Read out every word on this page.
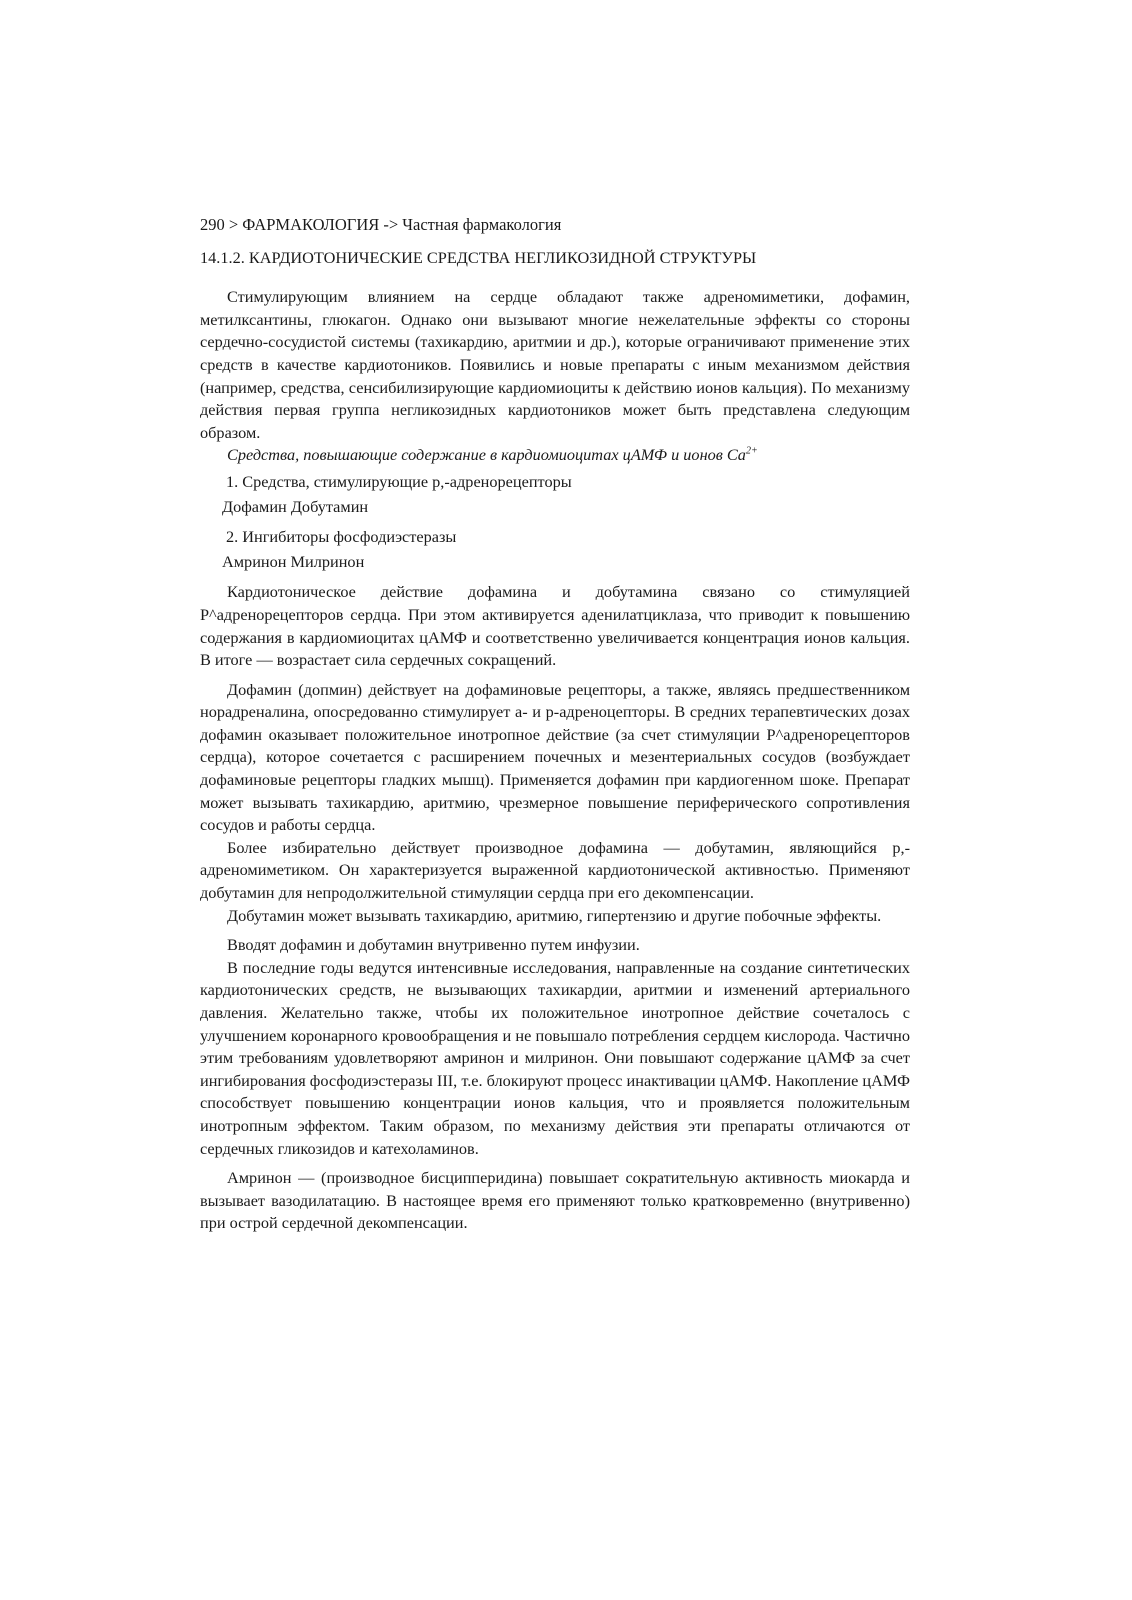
290 > ФАРМАКОЛОГИЯ -> Частная фармакология

14.1.2. КАРДИОТОНИЧЕСКИЕ СРЕДСТВА НЕГЛИКОЗИДНОЙ СТРУКТУРЫ

Стимулирующим влиянием на сердце обладают также адреномиметики, дофамин, метилксантины, глюкагон. Однако они вызывают многие нежелательные эффекты со стороны сердечно-сосудистой системы (тахикардию, аритмии и др.), которые ограничивают применение этих средств в качестве кардиотоников. Появились и новые препараты с иным механизмом действия (например, средства, сенсибилизирующие кардиомиоциты к действию ионов кальция). По механизму действия первая группа негликозидных кардиотоников может быть представлена следующим образом.

Средства, повышающие содержание в кардиомиоцитах цАМФ и ионов $Ca^{2+}$

1. Средства, стимулирующие р,-адренорецепторы

Дофамин Добутамин

2. Ингибиторы фосфодиэстеразы

Амринон Милринон

Кардиотоническое действие дофамина и добутамина связано со стимуляцией Р^адренорецепторов сердца. При этом активируется аденилатциклаза, что приводит к повышению содержания в кардиомиоцитах цАМФ и соответственно увеличивается концентрация ионов кальция. В итоге — возрастает сила сердечных сокращений.

Дофамин (допмин) действует на дофаминовые рецепторы, а также, являясь предшественником норадреналина, опосредованно стимулирует а- и р-адреноцепторы. В средних терапевтических дозах дофамин оказывает положительное инотропное действие (за счет стимуляции Р^адренорецепторов сердца), которое сочетается с расширением почечных и мезентериальных сосудов (возбуждает дофаминовые рецепторы гладких мышц). Применяется дофамин при кардиогенном шоке. Препарат может вызывать тахикардию, аритмию, чрезмерное повышение периферического сопротивления сосудов и работы сердца.

Более избирательно действует производное дофамина — добутамин, являющийся р,-адреномиметиком. Он характеризуется выраженной кардиотонической активностью. Применяют добутамин для непродолжительной стимуляции сердца при его декомпенсации.

Добутамин может вызывать тахикардию, аритмию, гипертензию и другие побочные эффекты.

Вводят дофамин и добутамин внутривенно путем инфузии.

В последние годы ведутся интенсивные исследования, направленные на создание синтетических кардиотонических средств, не вызывающих тахикардии, аритмии и изменений артериального давления. Желательно также, чтобы их положительное инотропное действие сочеталось с улучшением коронарного кровообращения и не повышало потребления сердцем кислорода. Частично этим требованиям удовлетворяют амринон и милринон. Они повышают содержание цАМФ за счет ингибирования фосфодиэстеразы III, т.е. блокируют процесс инактивации цАМФ. Накопление цАМФ способствует повышению концентрации ионов кальция, что и проявляется положительным инотропным эффектом. Таким образом, по механизму действия эти препараты отличаются от сердечных гликозидов и катехоламинов.

Амринон — (производное бисципперидина) повышает сократительную активность миокарда и вызывает вазодилатацию. В настоящее время его применяют только кратковременно (внутривенно) при острой сердечной декомпенсации.
